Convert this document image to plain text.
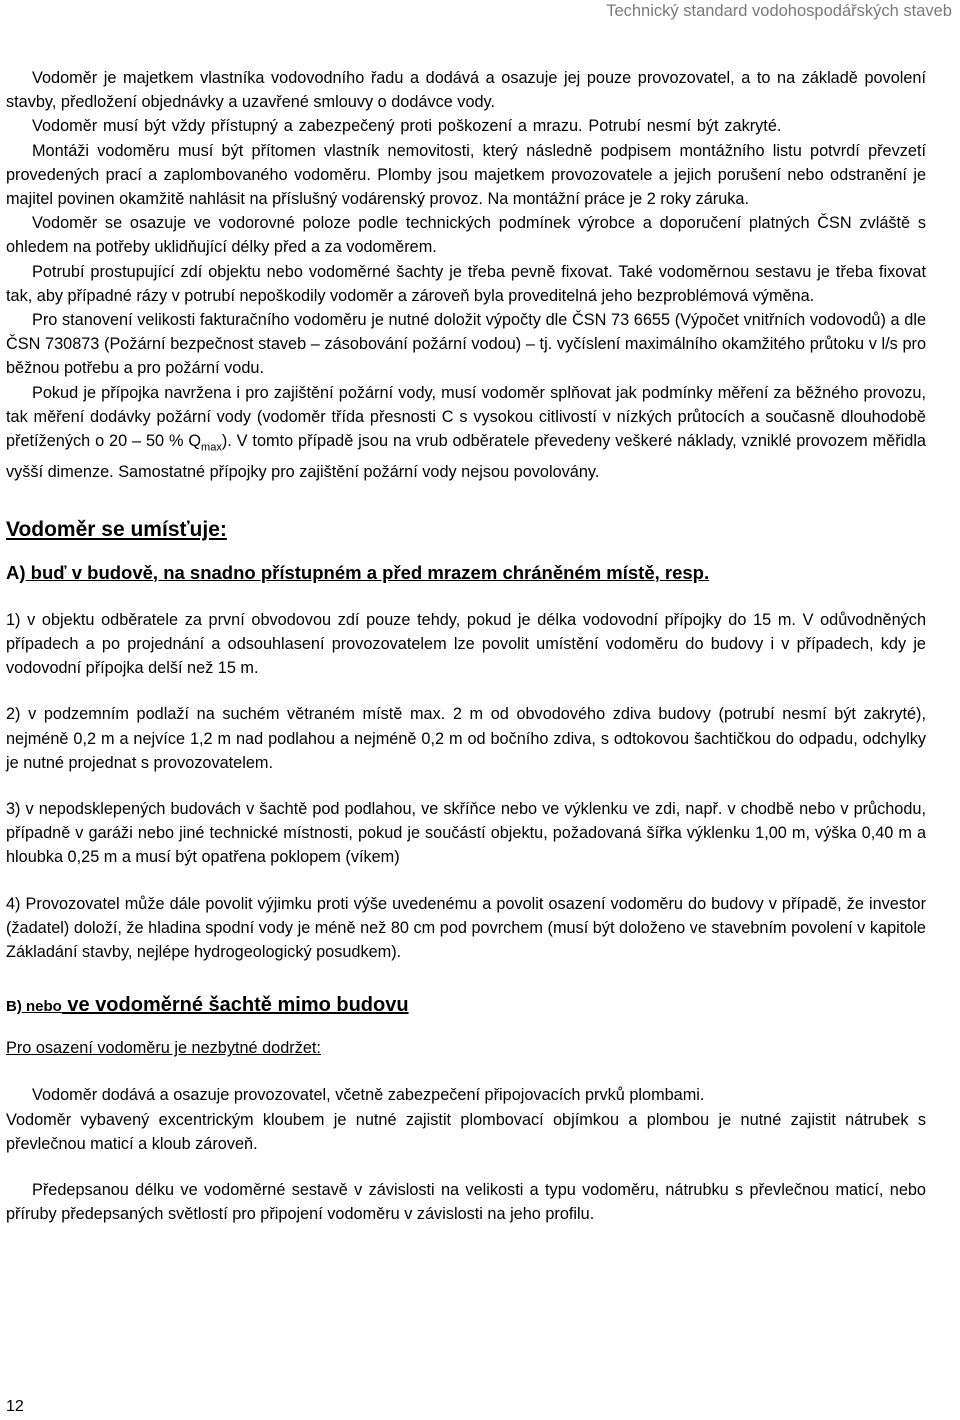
Technický standard vodohospodářských staveb

Vodoměr je majetkem vlastníka vodovodního řadu a dodává a osazuje jej pouze provozovatel, a to na základě povolení stavby, předložení objednávky a uzavřené smlouvy o dodávce vody.

Vodoměr musí být vždy přístupný a zabezpečený proti poškození a mrazu. Potrubí nesmí být zakryté.

Montáži vodoměru musí být přítomen vlastník nemovitosti, který následně podpisem montážního listu potvrdí převzetí provedených prací a zaplombovaného vodoměru. Plomby jsou majetkem provozovatele a jejich porušení nebo odstranění je majitel povinen okamžitě nahlásit na příslušný vodárenský provoz. Na montážní práce je 2 roky záruka.

Vodoměr se osazuje ve vodorovné poloze podle technických podmínek výrobce a doporučení platných ČSN zvláště s ohledem na potřeby uklidňující délky před a za vodoměrem.

Potrubí prostupující zdí objektu nebo vodoměrné šachty je třeba pevně fixovat. Také vodoměrnou sestavu je třeba fixovat tak, aby případné rázy v potrubí nepoškodily vodoměr a zároveň byla proveditelná jeho bezproblémová výměna.

Pro stanovení velikosti fakturačního vodoměru je nutné doložit výpočty dle ČSN 73 6655 (Výpočet vnitřních vodovodů) a dle ČSN 730873 (Požární bezpečnost staveb – zásobování požární vodou) – tj. vyčíslení maximálního okamžitého průtoku v l/s pro běžnou potřebu a pro požární vodu.

Pokud je přípojka navržena i pro zajištění požární vody, musí vodoměr splňovat jak podmínky měření za běžného provozu, tak měření dodávky požární vody (vodoměr třída přesnosti C s vysokou citlivostí v nízkých průtocích a současně dlouhodobě přetížených o 20 – 50 % $Q_{max}$). V tomto případě jsou na vrub odběratele převedeny veškeré náklady, vzniklé provozem měřidla vyšší dimenze. Samostatné přípojky pro zajištění požární vody nejsou povolovány.

Vodoměr se umísťuje:
A) buď v budově, na snadno přístupném a před mrazem chráněném místě, resp.

1) v objektu odběratele za první obvodovou zdí pouze tehdy, pokud je délka vodovodní přípojky do 15 m. V odůvodněných případech a po projednání a odsouhlasení provozovatelem lze povolit umístění vodoměru do budovy i v případech, kdy je vodovodní přípojka delší než 15 m.

2) v podzemním podlaží na suchém větraném místě max. 2 m od obvodového zdiva budovy (potrubí nesmí být zakryté), nejméně 0,2 m a nejvíce 1,2 m nad podlahou a nejméně 0,2 m od bočního zdiva, s odtokovou šachtičkou do odpadu, odchylky je nutné projednat s provozovatelem.

3) v nepodsklepených budovách v šachtě pod podlahou, ve skříňce nebo ve výklenku ve zdi, např. v chodbě nebo v průchodu, případně v garáži nebo jiné technické místnosti, pokud je součástí objektu, požadovaná šířka výklenku 1,00 m, výška 0,40 m a hloubka 0,25 m a musí být opatřena poklopem (víkem)

4) Provozovatel může dále povolit výjimku proti výše uvedenému a povolit osazení vodoměru do budovy v případě, že investor (žadatel) doloží, že hladina spodní vody je méně než 80 cm pod povrchem (musí být doloženo ve stavebním povolení v kapitole Základání stavby, nejlépe hydrogeologický posudkem).

B) nebo ve vodoměrné šachtě mimo budovu

Pro osazení vodoměru je nezbytné dodržet:

Vodoměr dodává a osazuje provozovatel, včetně zabezpečení připojovacích prvků plombami.

Vodoměr vybavený excentrickým kloubem je nutné zajistit plombovací objímkou a plombou je nutné zajistit nátrubek s převlečnou maticí a kloub zároveň.

Předepsanou délku ve vodoměrné sestavě v závislosti na velikosti a typu vodoměru, nátrubku s převlečnou maticí, nebo příruby předepsaných světlostí pro připojení vodoměru v závislosti na jeho profilu.

12
